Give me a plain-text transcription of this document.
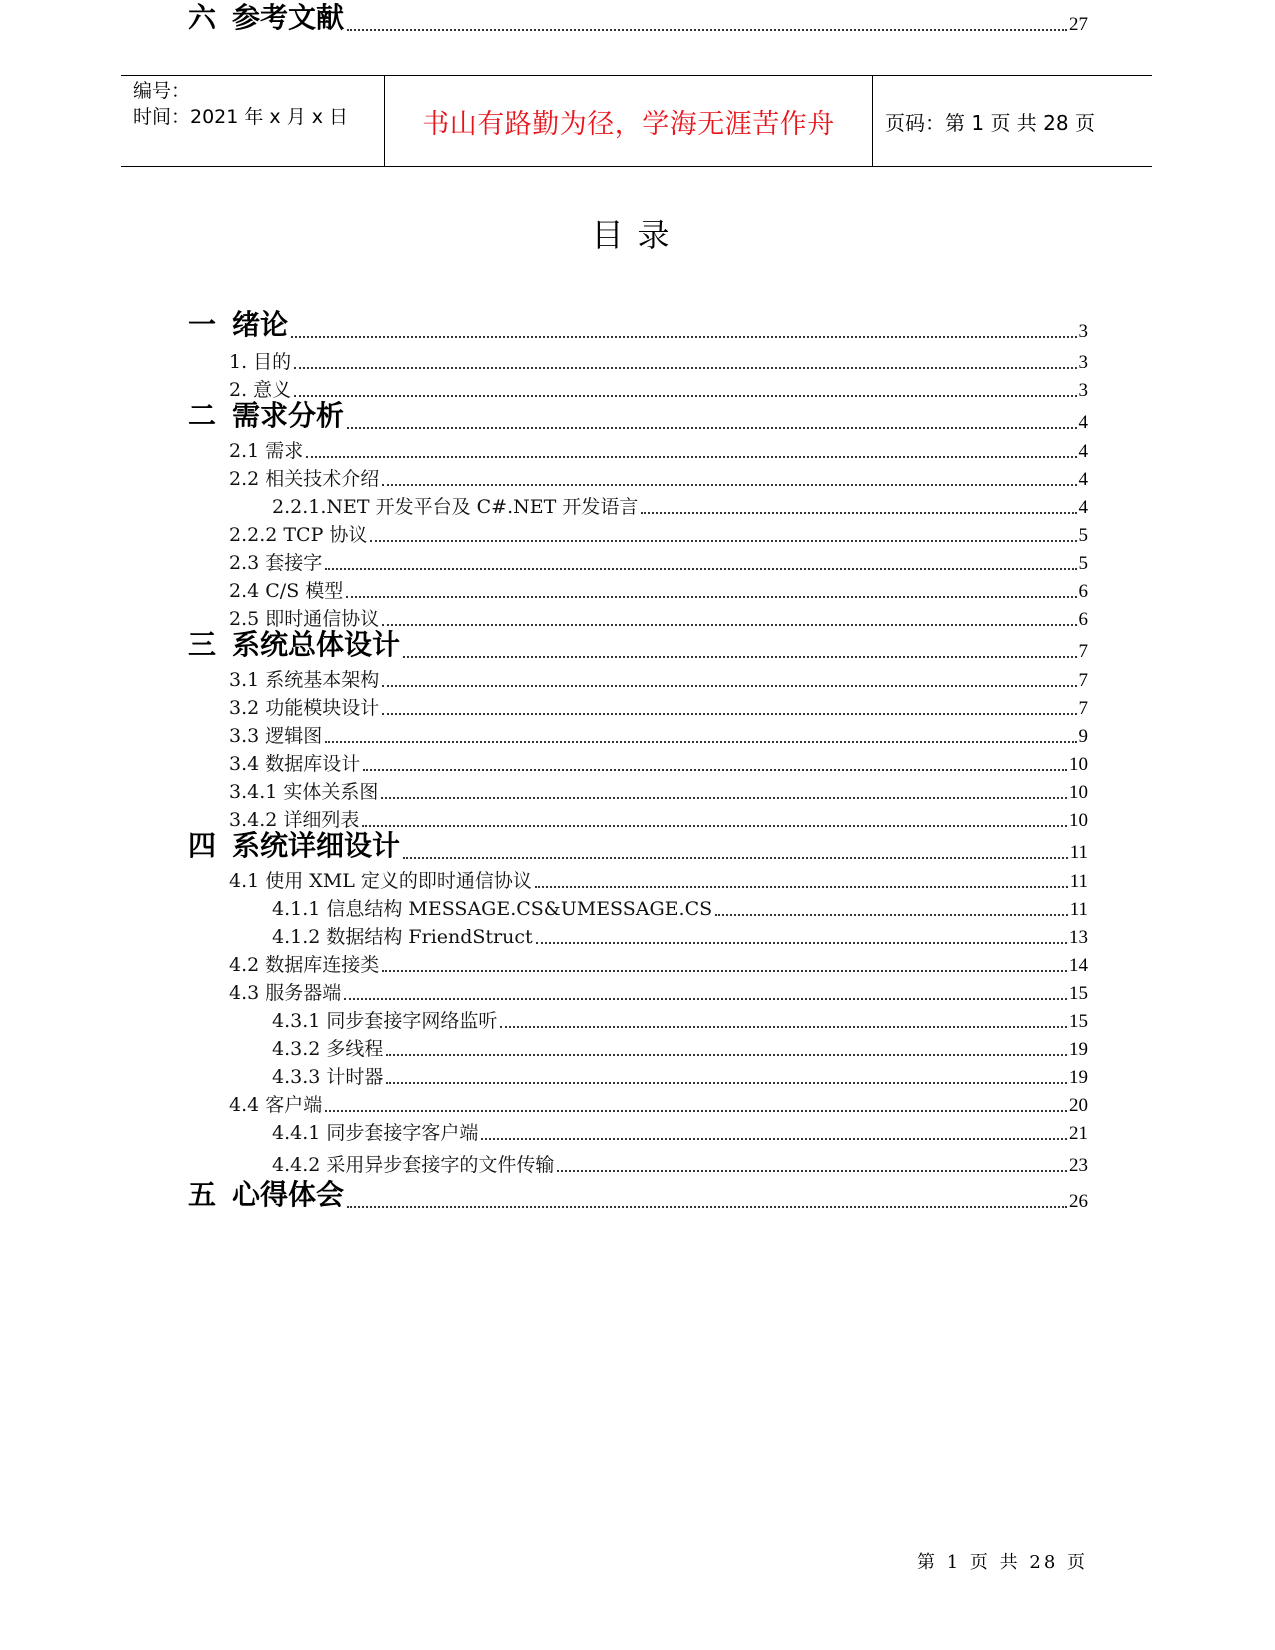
编号：
时间：2021 年 x 月 x 日	书山有路勤为径，学海无涯苦作舟	页码：第 1 页 共 28 页
目录
一 绪论	3
1. 目的	3
2. 意义	3
二 需求分析	4
2.1 需求	4
2.2 相关技术介绍	4
2.2.1.NET 开发平台及 C#.NET 开发语言	4
2.2.2 TCP 协议	5
2.3 套接字	5
2.4 C/S 模型	6
2.5 即时通信协议	6
三 系统总体设计	7
3.1 系统基本架构	7
3.2 功能模块设计	7
3.3 逻辑图	9
3.4 数据库设计	10
3.4.1 实体关系图	10
3.4.2 详细列表	10
四 系统详细设计	11
4.1 使用 XML 定义的即时通信协议	11
4.1.1 信息结构 MESSAGE.CS&UMESSAGE.CS	11
4.1.2 数据结构 FriendStruct	13
4.2 数据库连接类	14
4.3 服务器端	15
4.3.1 同步套接字网络监听	15
4.3.2 多线程	19
4.3.3 计时器	19
4.4 客户端	20
4.4.1 同步套接字客户端	21
4.4.2 采用异步套接字的文件传输	23
五 心得体会	26
六 参考文献	27
第 1 页 共 28 页
